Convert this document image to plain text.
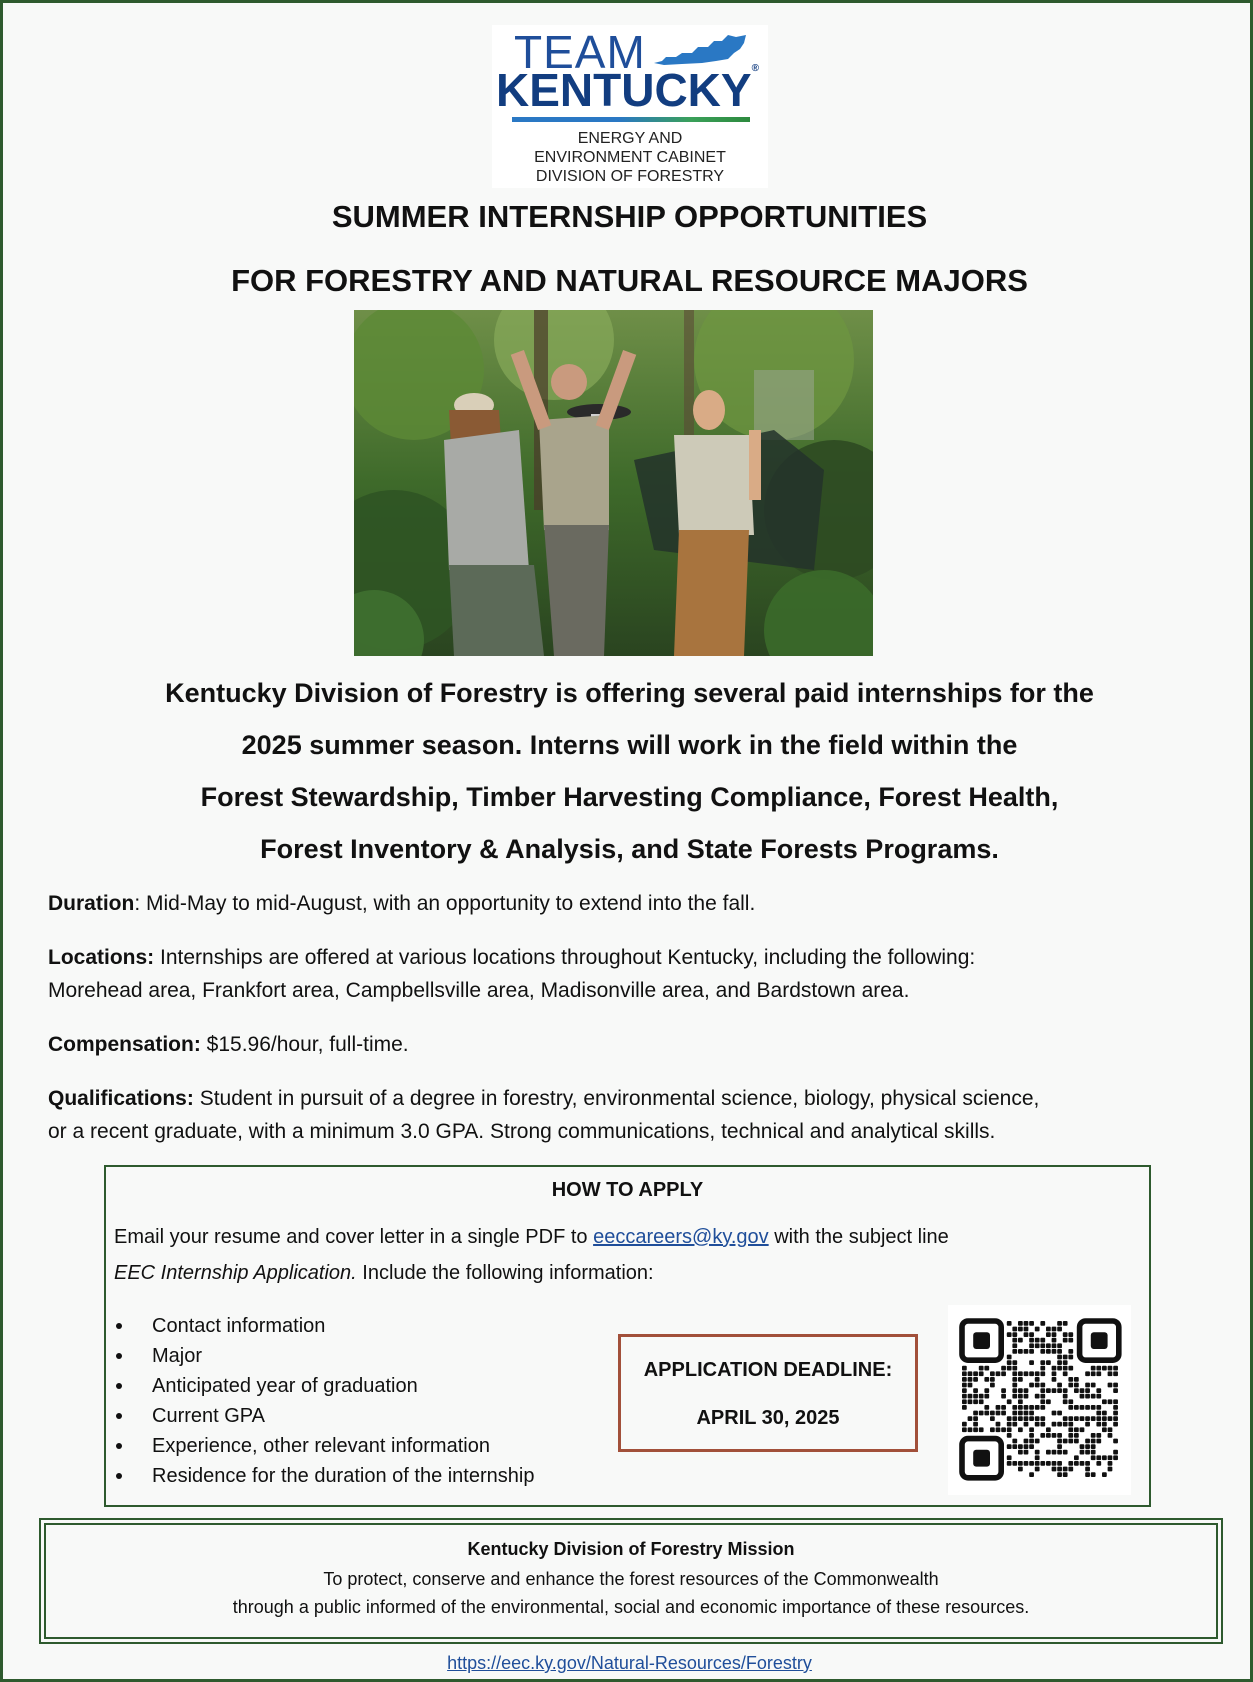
TEAM
KENTUCKY®
ENERGY AND
ENVIRONMENT CABINET
DIVISION OF FORESTRY
SUMMER INTERNSHIP OPPORTUNITIES
FOR FORESTRY AND NATURAL RESOURCE MAJORS
Kentucky Division of Forestry is offering several paid internships for the
2025 summer season. Interns will work in the field within the
Forest Stewardship, Timber Harvesting Compliance, Forest Health,
Forest Inventory & Analysis, and State Forests Programs.

Duration: Mid-May to mid-August, with an opportunity to extend into the fall.

Locations: Internships are offered at various locations throughout Kentucky, including the following:

Morehead area, Frankfort area, Campbellsville area, Madisonville area, and Bardstown area.

Compensation: $15.96/hour, full-time.

Qualifications: Student in pursuit of a degree in forestry, environmental science, biology, physical science,

or a recent graduate, with a minimum 3.0 GPA. Strong communications, technical and analytical skills.

HOW TO APPLY
Email your resume and cover letter in a single PDF to eeccareers@ky.gov with the subject line
EEC Internship Application. Include the following information:
Contact information
Major
Anticipated year of graduation
Current GPA
Experience, other relevant information
Residence for the duration of the internship
APPLICATION DEADLINE:
APRIL 30, 2025
Kentucky Division of Forestry Mission
To protect, conserve and enhance the forest resources of the Commonwealth
through a public informed of the environmental, social and economic importance of these resources.
https://eec.ky.gov/Natural-Resources/Forestry
